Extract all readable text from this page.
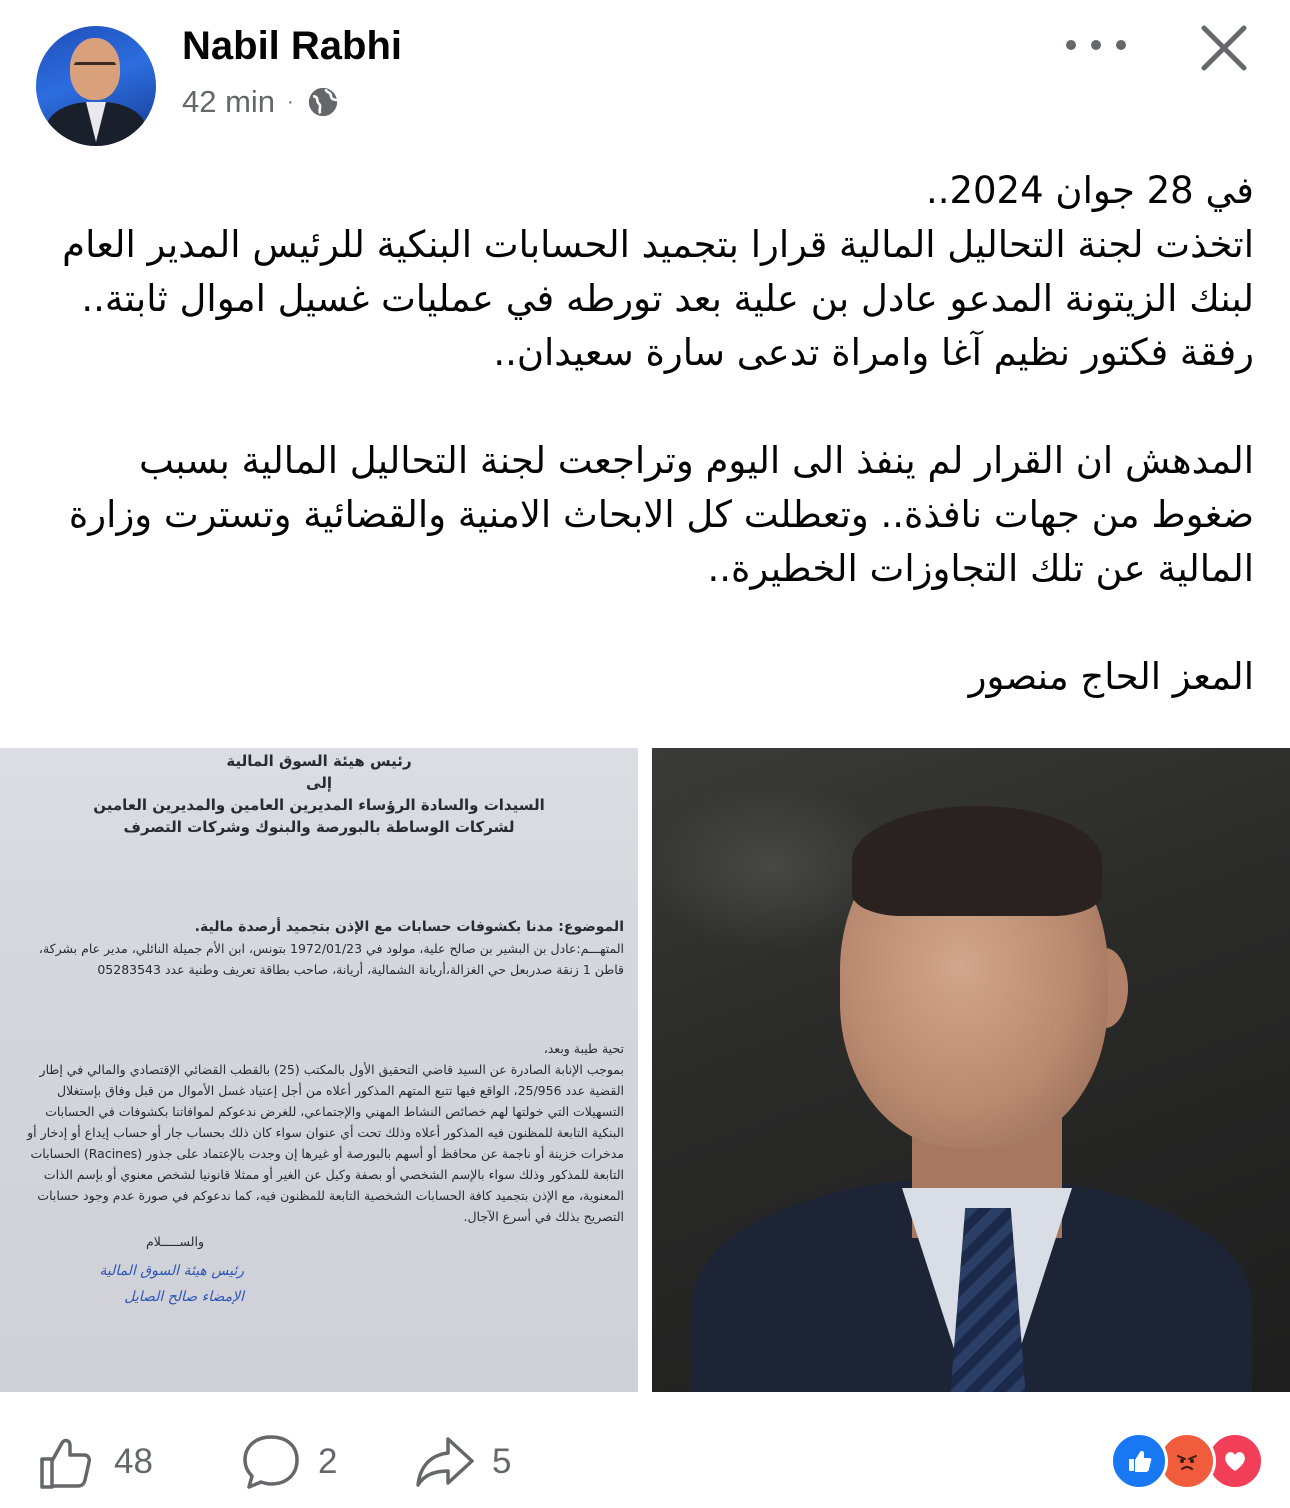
Nabil Rabhi
42 min ·

في 28 جوان 2024..

اتخذت لجنة التحاليل المالية قرارا بتجميد الحسابات البنكية للرئيس المدير العام لبنك الزيتونة المدعو عادل بن علية بعد تورطه في عمليات غسيل اموال ثابتة.. رفقة فكتور نظيم آغا وامراة تدعى سارة سعيدان..

المدهش ان القرار لم ينفذ الى اليوم وتراجعت لجنة التحاليل المالية بسبب ضغوط من جهات نافذة.. وتعطلت كل الابحاث الامنية والقضائية وتسترت وزارة المالية عن تلك التجاوزات الخطيرة..

المعز الحاج منصور

رئيس هيئة السوق المالية
إلى
السيدات والسادة الرؤساء المديرين العامين والمديرين العامين
لشركات الوساطة بالبورصة والبنوك وشركات التصرف
الموضوع: مدنا بكشوفات حسابات مع الإذن بتجميد أرصدة مالية.

المتهـــم:عادل بن البشير بن صالح علية، مولود في 1972/01/23 بتونس، ابن الأم جميلة النائلي، مدير عام بشركة، قاطن 1 زنقة صدربعل حي الغزالة،أريانة الشمالية، أريانة، صاحب بطاقة تعريف وطنية عدد 05283543

تحية طيبة وبعد،

بموجب الإنابة الصادرة عن السيد قاضي التحقيق الأول بالمكتب (25) بالقطب القضائي الإقتصادي والمالي في إطار القضية عدد 25/956، الواقع فيها تتبع المتهم المذكور أعلاه من أجل إعتياد غسل الأموال من قبل وفاق بإستغلال التسهيلات التي خولتها لهم خصائص النشاط المهني والإجتماعي، للغرض ندعوكم لموافاتنا بكشوفات في الحسابات البنكية التابعة للمظنون فيه المذكور أعلاه وذلك تحت أي عنوان سواء كان ذلك بحساب جار أو حساب إيداع أو إدخار أو مدخرات خزينة أو ناجمة عن محافظ أو أسهم بالبورصة أو غيرها إن وجدت بالإعتماد على جذور (Racines) الحسابات التابعة للمذكور وذلك سواء بالإسم الشخصي أو بصفة وكيل عن الغير أو ممثلا قانونيا لشخص معنوي أو بإسم الذات المعنوية، مع الإذن بتجميد كافة الحسابات الشخصية التابعة للمظنون فيه، كما ندعوكم في صورة عدم وجود حسابات التصريح بذلك في أسرع الآجال.

والســـــلام

رئيس هيئة السوق المالية
الإمضاء صالح الصايل
48	2	5
